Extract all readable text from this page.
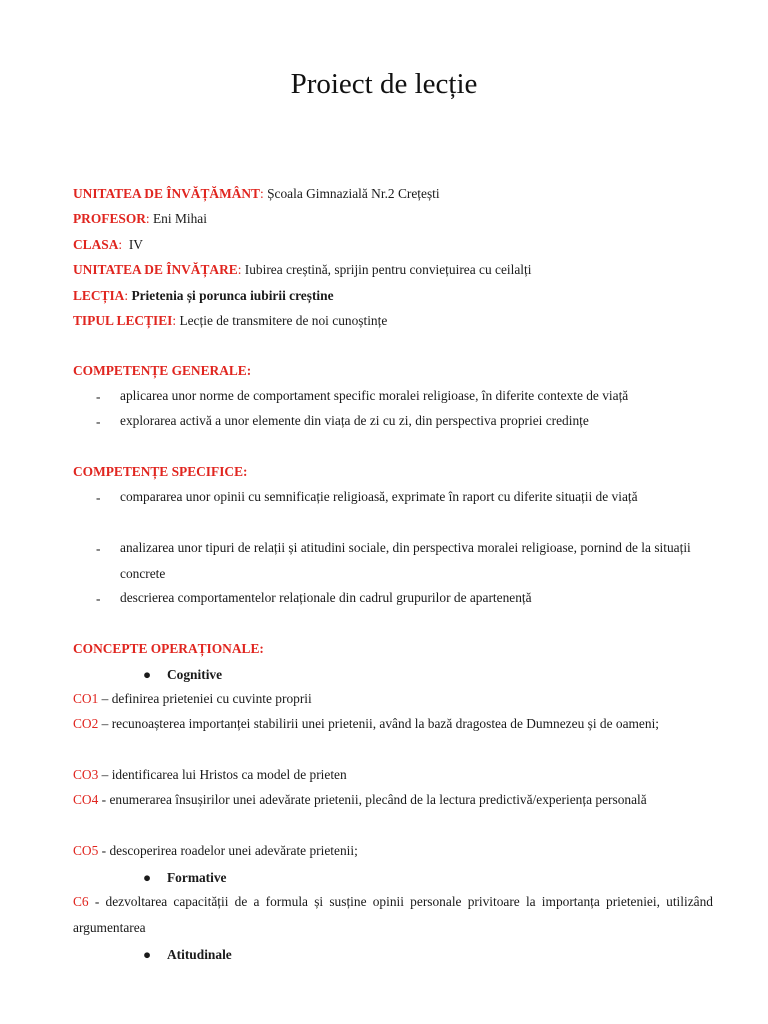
Proiect de lecție
UNITATEA DE ÎNVĂȚĂMÂNT: Școala Gimnazială Nr.2 Crețești
PROFESOR: Eni Mihai
CLASA:  IV
UNITATEA DE ÎNVĂȚARE: Iubirea creștină, sprijin pentru conviețuirea cu ceilalți
LECȚIA: Prietenia și porunca iubirii creștine
TIPUL LECȚIEI: Lecție de transmitere de noi cunoștințe
COMPETENȚE GENERALE:
- aplicarea unor norme de comportament specific moralei religioase, în diferite contexte de viață
- explorarea activă a unor elemente din viața de zi cu zi, din perspectiva propriei credințe
COMPETENȚE SPECIFICE:
- compararea unor opinii cu semnificație religioasă, exprimate în raport cu diferite situații de viață
- analizarea unor tipuri de relații și atitudini sociale, din perspectiva moralei religioase, pornind de la situații concrete
- descrierea comportamentelor relaționale din cadrul grupurilor de apartenență
CONCEPTE OPERAȚIONALE:
● Cognitive
CO1 – definirea prieteniei cu cuvinte proprii
CO2 – recunoașterea importanței stabilirii unei prietenii, având la bază dragostea de Dumnezeu și de oameni;
CO3 – identificarea lui Hristos ca model de prieten
CO4 - enumerarea însușirilor unei adevărate prietenii, plecând de la lectura predictivă/experiența personală
CO5 - descoperirea roadelor unei adevărate prietenii;
● Formative
C6 - dezvoltarea capacității de a formula și susține opinii personale privitoare la importanța prieteniei, utilizând argumentarea
● Atitudinale
